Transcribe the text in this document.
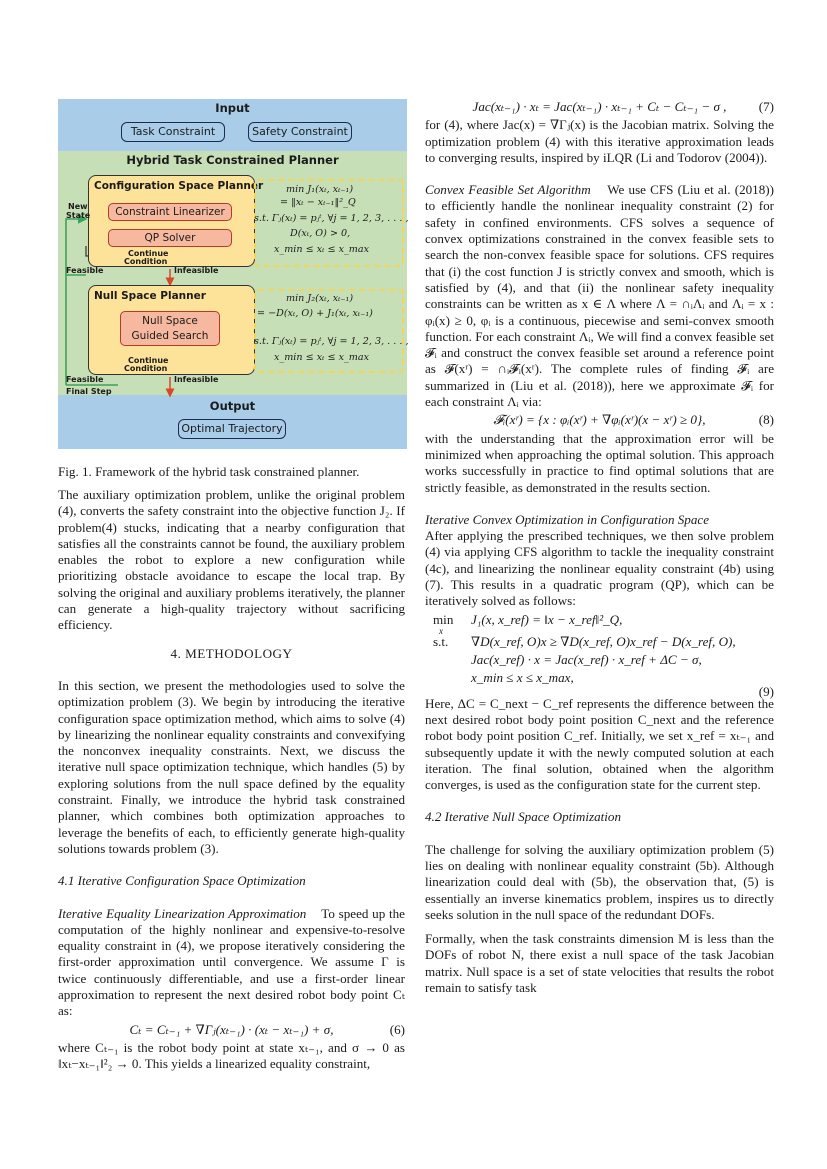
Input
Task Constraint	Safety Constraint
Hybrid Task Constrained Planner
Configuration Space Planner
Constraint Linearizer
QP Solver
Continue
Condition
min J₁(xₜ, xₜ₋₁)
= ‖xₜ − xₜ₋₁‖²_Q
s.t. Γⱼ(xₜ) = pⱼᵗ, ∀j = 1, 2, 3, . . . ,
D(xₜ, O) > 0,
x_min ≤ xₜ ≤ x_max
New
State
Feasible	Infeasible
Null Space Planner
Null Space
Guided Search
Continue
Condition
min J₂(xₜ, xₜ₋₁)
= −D(xₜ, O) + J₁(xₜ, xₜ₋₁)
s.t. Γⱼ(xₜ) = pⱼᵗ, ∀j = 1, 2, 3, . . . ,
x_min ≤ xₜ ≤ x_max
Feasible	Infeasible
Final Step
Output
Optimal Trajectory
Fig. 1. Framework of the hybrid task constrained planner.

The auxiliary optimization problem, unlike the original problem (4), converts the safety constraint into the objective function J₂. If problem(4) stucks, indicating that a nearby configuration that satisfies all the constraints cannot be found, the auxiliary problem enables the robot to explore a new configuration while prioritizing obstacle avoidance to escape the local trap. By solving the original and auxiliary problems iteratively, the planner can generate a high-quality trajectory without sacrificing efficiency.

4. METHODOLOGY

In this section, we present the methodologies used to solve the optimization problem (3). We begin by introducing the iterative configuration space optimization method, which aims to solve (4) by linearizing the nonlinear equality constraints and convexifying the nonconvex inequality constraints. Next, we discuss the iterative null space optimization technique, which handles (5) by exploring solutions from the null space defined by the equality constraint. Finally, we introduce the hybrid task constrained planner, which combines both optimization approaches to leverage the benefits of each, to efficiently generate high-quality solutions towards problem (3).

4.1 Iterative Configuration Space Optimization

Iterative Equality Linearization Approximation To speed up the computation of the highly nonlinear and expensive-to-resolve equality constraint in (4), we propose iteratively considering the first-order approximation until convergence. We assume Γ is twice continuously differentiable, and use a first-order linear approximation to represent the next desired robot body point Cₜ as:

Cₜ = Cₜ₋₁ + ∇Γⱼ(xₜ₋₁) · (xₜ − xₜ₋₁) + σ,	(6)

where Cₜ₋₁ is the robot body point at state xₜ₋₁, and σ → 0 as ‖xₜ−xₜ₋₁‖²₂ → 0. This yields a linearized equality constraint,

Jac(xₜ₋₁) · xₜ = Jac(xₜ₋₁) · xₜ₋₁ + Cₜ − Cₜ₋₁ − σ , (7)

for (4), where Jac(x) = ∇Γⱼ(x) is the Jacobian matrix. Solving the optimization problem (4) with this iterative approximation leads to converging results, inspired by iLQR (Li and Todorov (2004)).

Convex Feasible Set Algorithm We use CFS (Liu et al. (2018)) to efficiently handle the nonlinear inequality constraint (2) for safety in confined environments. CFS solves a sequence of convex optimizations constrained in the convex feasible sets to search the non-convex feasible space for solutions. CFS requires that (i) the cost function J is strictly convex and smooth, which is satisfied by (4), and that (ii) the nonlinear safety inequality constraints can be written as x ∈ Λ where Λ = ∩ᵢΛᵢ and Λᵢ = x : φᵢ(x) ≥ 0, φᵢ is a continuous, piecewise and semi-convex smooth function. For each constraint Λᵢ, We will find a convex feasible set 𝓕ᵢ and construct the convex feasible set around a reference point as 𝓕(xʳ) = ∩ᵢ𝓕ᵢ(xʳ). The complete rules of finding 𝓕ᵢ are summarized in (Liu et al. (2018)), here we approximate 𝓕ᵢ for each constraint Λᵢ via:

𝓕ᵢ(xʳ) = {x : φᵢ(xʳ) + ∇φᵢ(xʳ)(x − xʳ) ≥ 0},	(8)

with the understanding that the approximation error will be minimized when approaching the optimal solution. This approach works successfully in practice to find optimal solutions that are strictly feasible, as demonstrated in the results section.

Iterative Convex Optimization in Configuration Space

After applying the prescribed techniques, we then solve problem (4) via applying CFS algorithm to tackle the inequality constraint (4c), and linearizing the nonlinear equality constraint (4b) using (7). This results in a quadratic program (QP), which can be iteratively solved as follows:

min
x
J₁(x, x_ref) = ‖x − x_ref‖²_Q,
s.t. ∇D(x_ref, O)x ≥ ∇D(x_ref, O)x_ref − D(x_ref, O),
Jac(x_ref) · x = Jac(x_ref) · x_ref + ΔC − σ,
x_min ≤ x ≤ x_max,
(9)

Here, ΔC = C_next − C_ref represents the difference between the next desired robot body point position C_next and the reference robot body point position C_ref. Initially, we set x_ref = xₜ₋₁ and subsequently update it with the newly computed solution at each iteration. The final solution, obtained when the algorithm converges, is used as the configuration state for the current step.

4.2 Iterative Null Space Optimization

The challenge for solving the auxiliary optimization problem (5) lies on dealing with nonlinear equality constraint (5b). Although linearization could deal with (5b), the observation that, (5) is essentially an inverse kinematics problem, inspires us to directly seeks solution in the null space of the redundant DOFs.

Formally, when the task constraints dimension M is less than the DOFs of robot N, there exist a null space of the task Jacobian matrix. Null space is a set of state velocities that results the robot remain to satisfy task
